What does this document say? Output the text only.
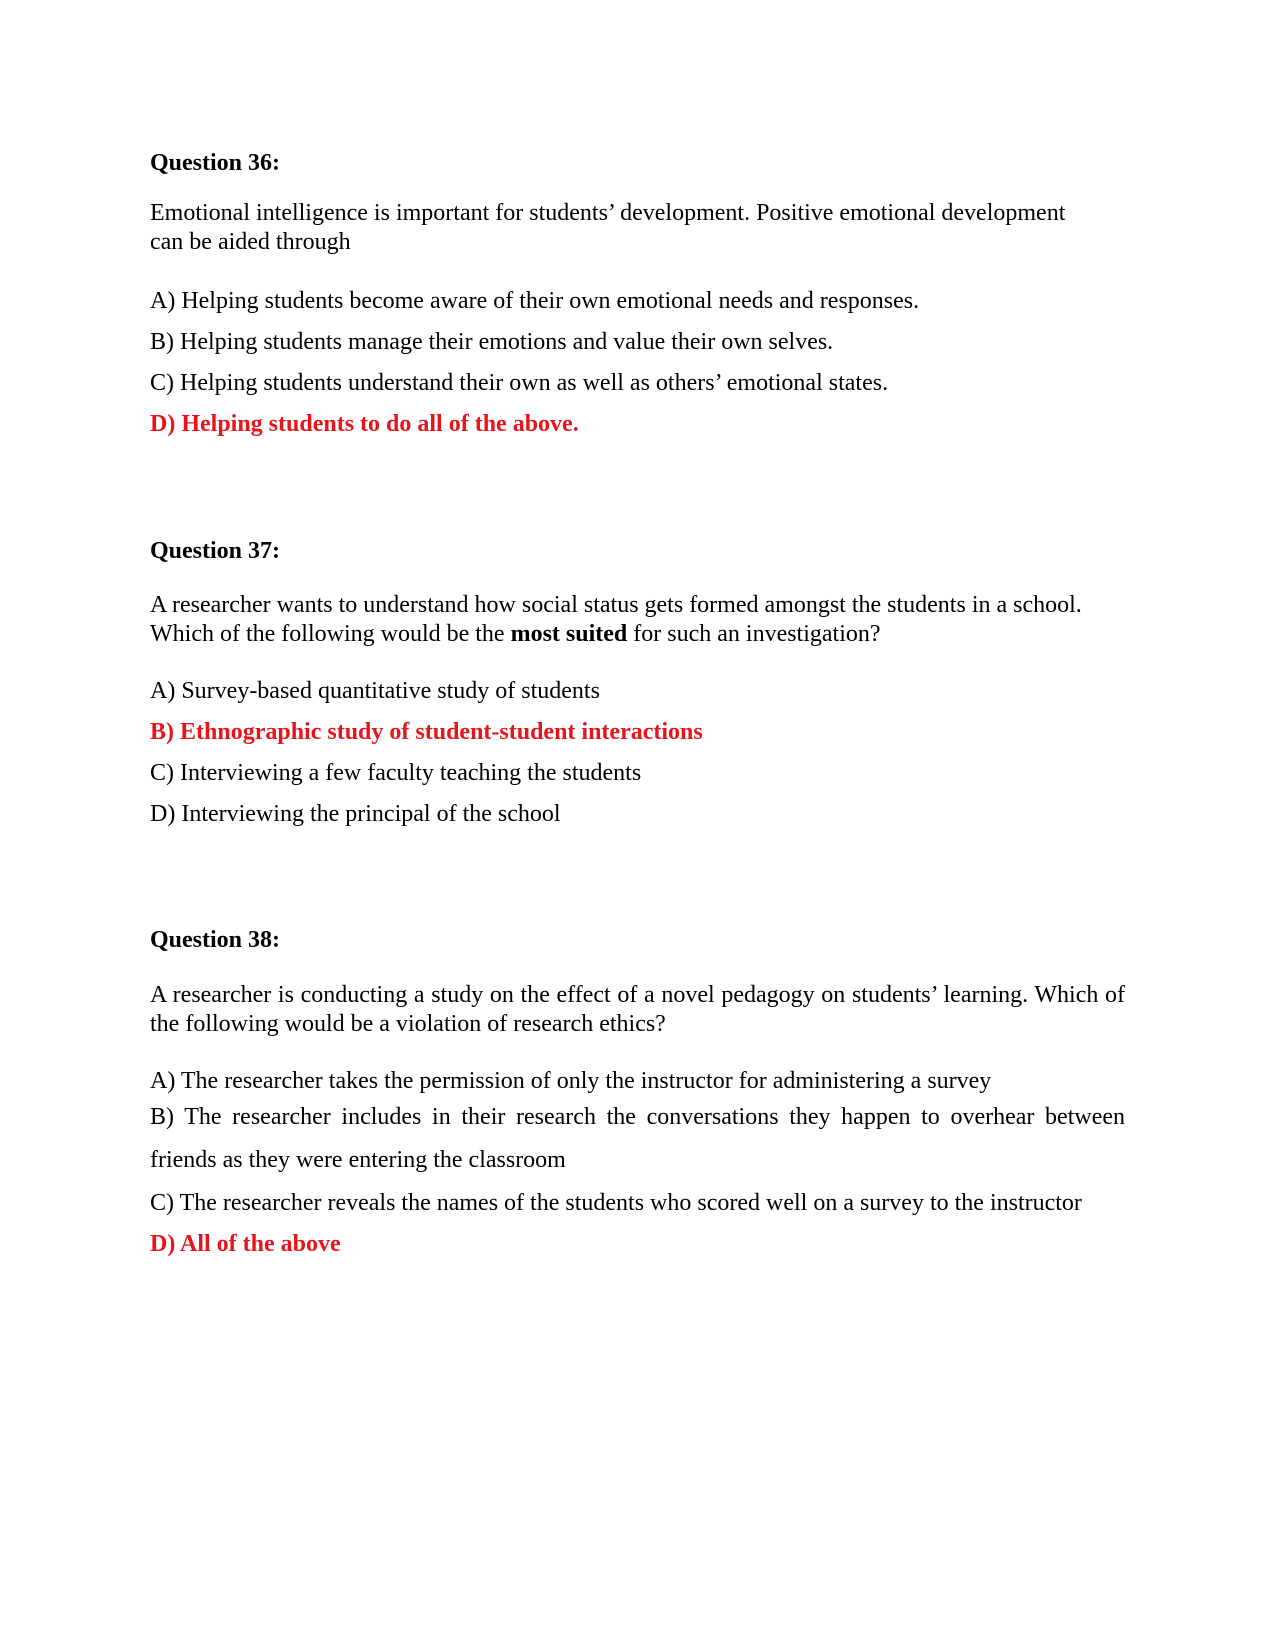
Question 36:

Emotional intelligence is important for students’ development. Positive emotional development can be aided through

A) Helping students become aware of their own emotional needs and responses.

B) Helping students manage their emotions and value their own selves.

C) Helping students understand their own as well as others’ emotional states.

D) Helping students to do all of the above.

Question 37:

A researcher wants to understand how social status gets formed amongst the students in a school. Which of the following would be the most suited for such an investigation?

A) Survey-based quantitative study of students

B) Ethnographic study of student-student interactions

C) Interviewing a few faculty teaching the students

D) Interviewing the principal of the school

Question 38:

A researcher is conducting a study on the effect of a novel pedagogy on students’ learning. Which of the following would be a violation of research ethics?

A) The researcher takes the permission of only the instructor for administering a survey

B) The researcher includes in their research the conversations they happen to overhear between friends as they were entering the classroom

C) The researcher reveals the names of the students who scored well on a survey to the instructor

D) All of the above
